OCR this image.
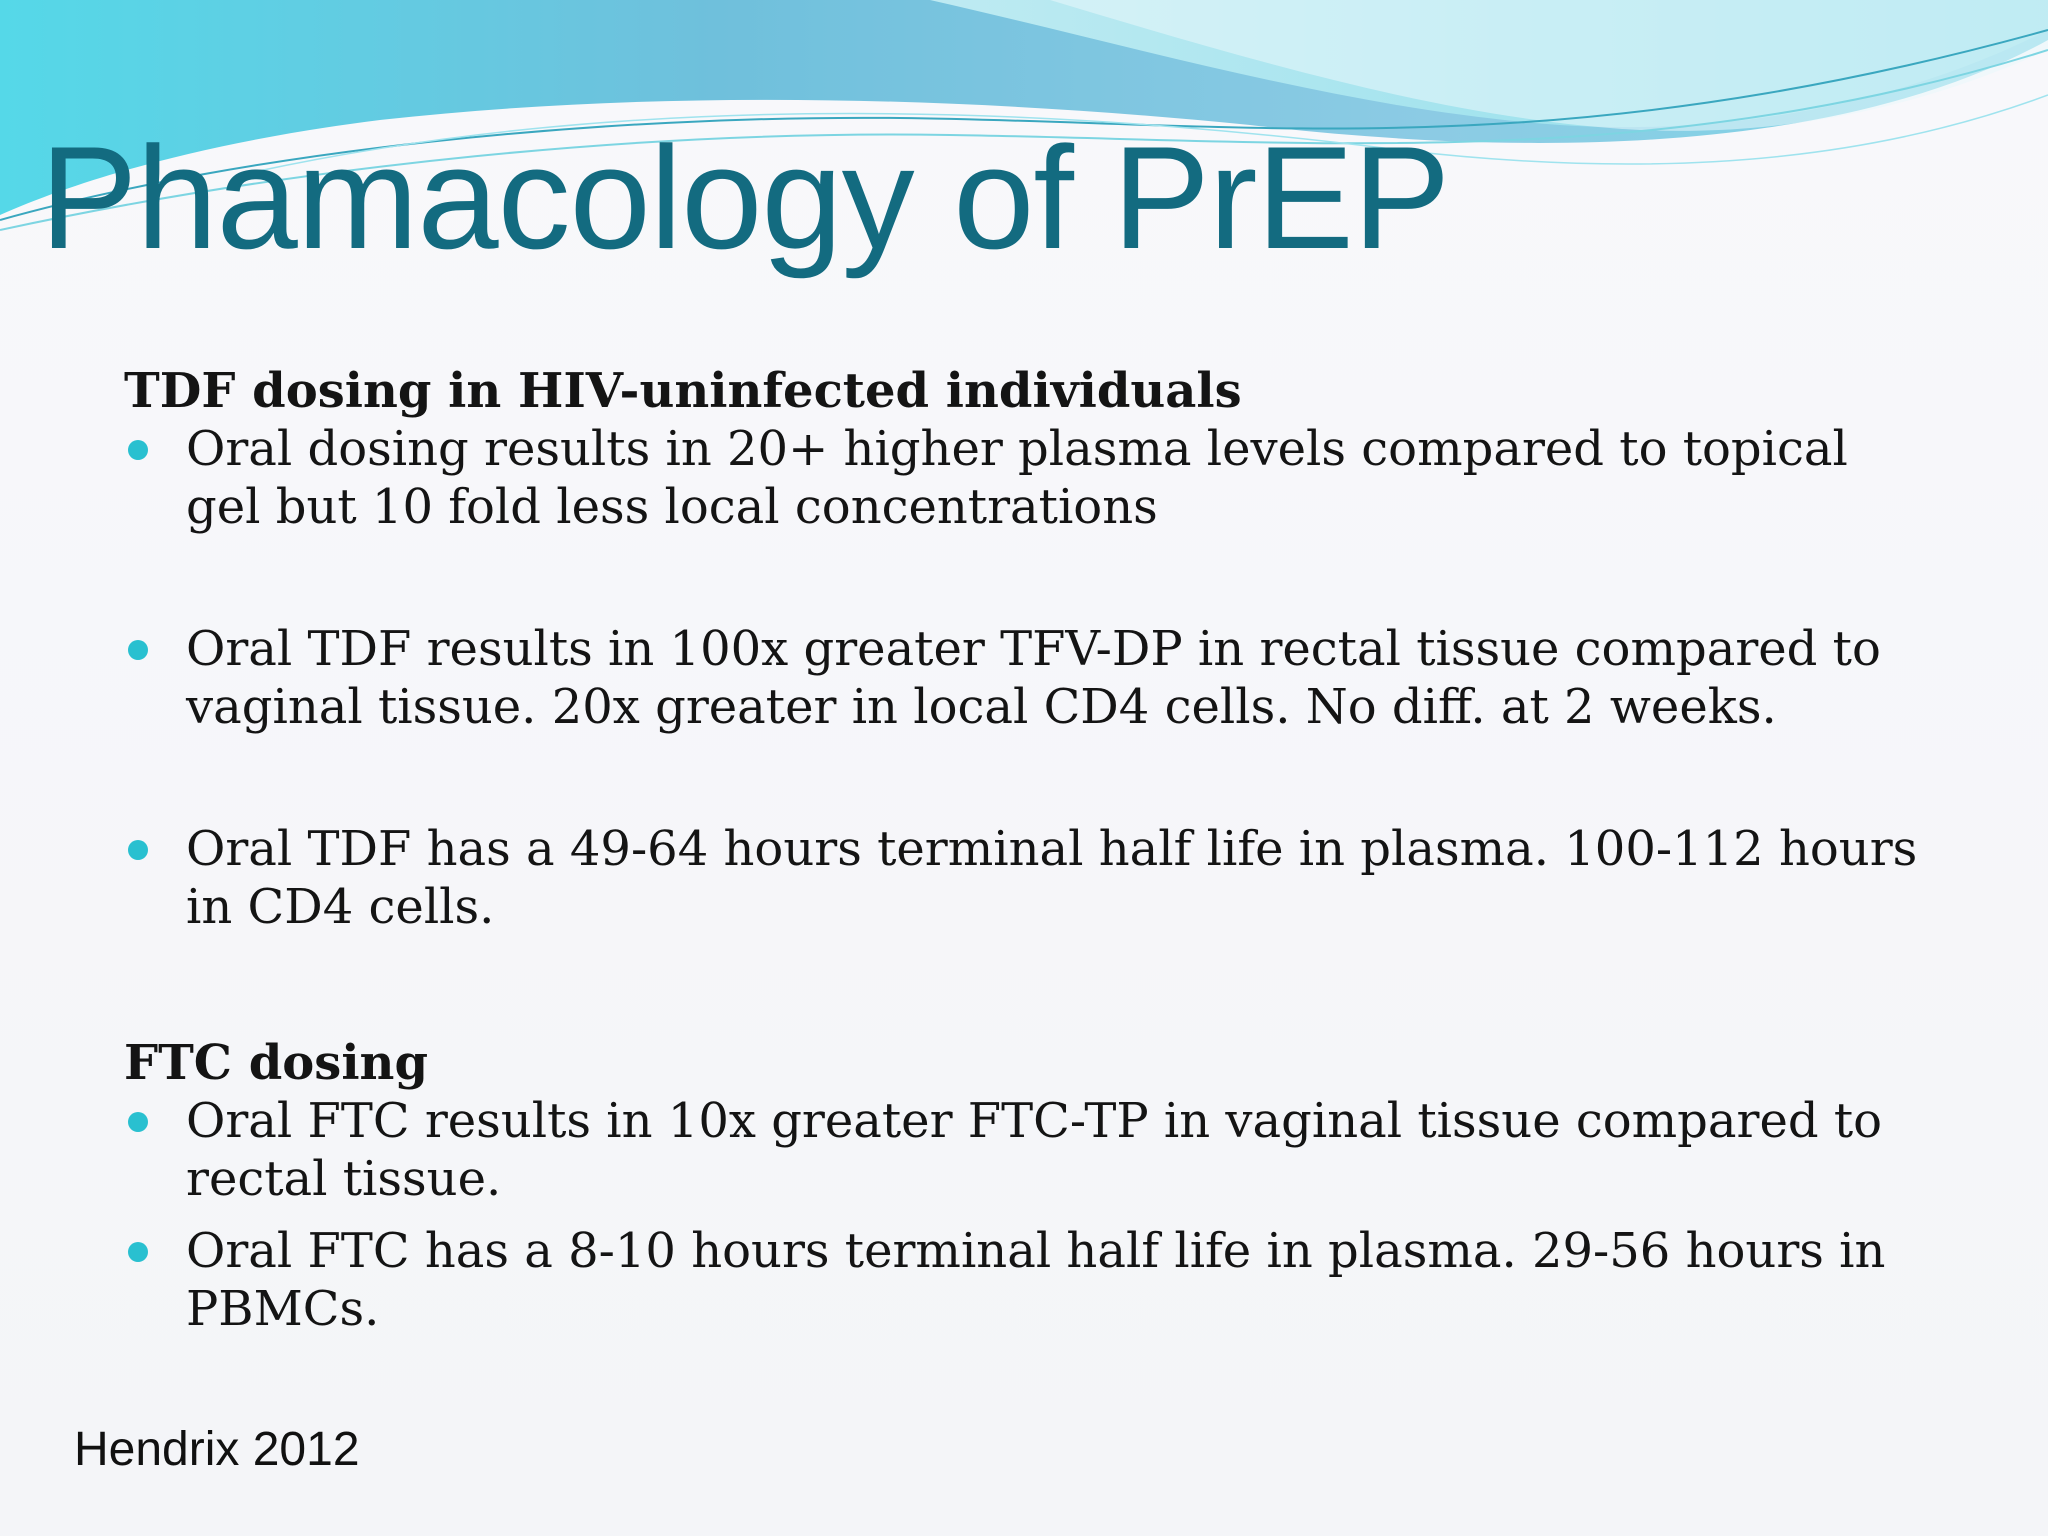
Phamacology of PrEP
TDF dosing in HIV-uninfected individuals
Oral dosing results in 20+ higher plasma levels compared to topical gel but 10 fold less local concentrations
Oral TDF results in 100x greater TFV-DP in rectal tissue compared to vaginal tissue. 20x greater in local CD4 cells. No diff. at 2 weeks.
Oral TDF has a 49-64 hours terminal half life in plasma. 100-112 hours in CD4 cells.
FTC dosing
Oral FTC results in 10x greater FTC-TP in vaginal tissue compared to rectal tissue.
Oral FTC has a 8-10 hours terminal half life in plasma. 29-56 hours in PBMCs.

Hendrix 2012
